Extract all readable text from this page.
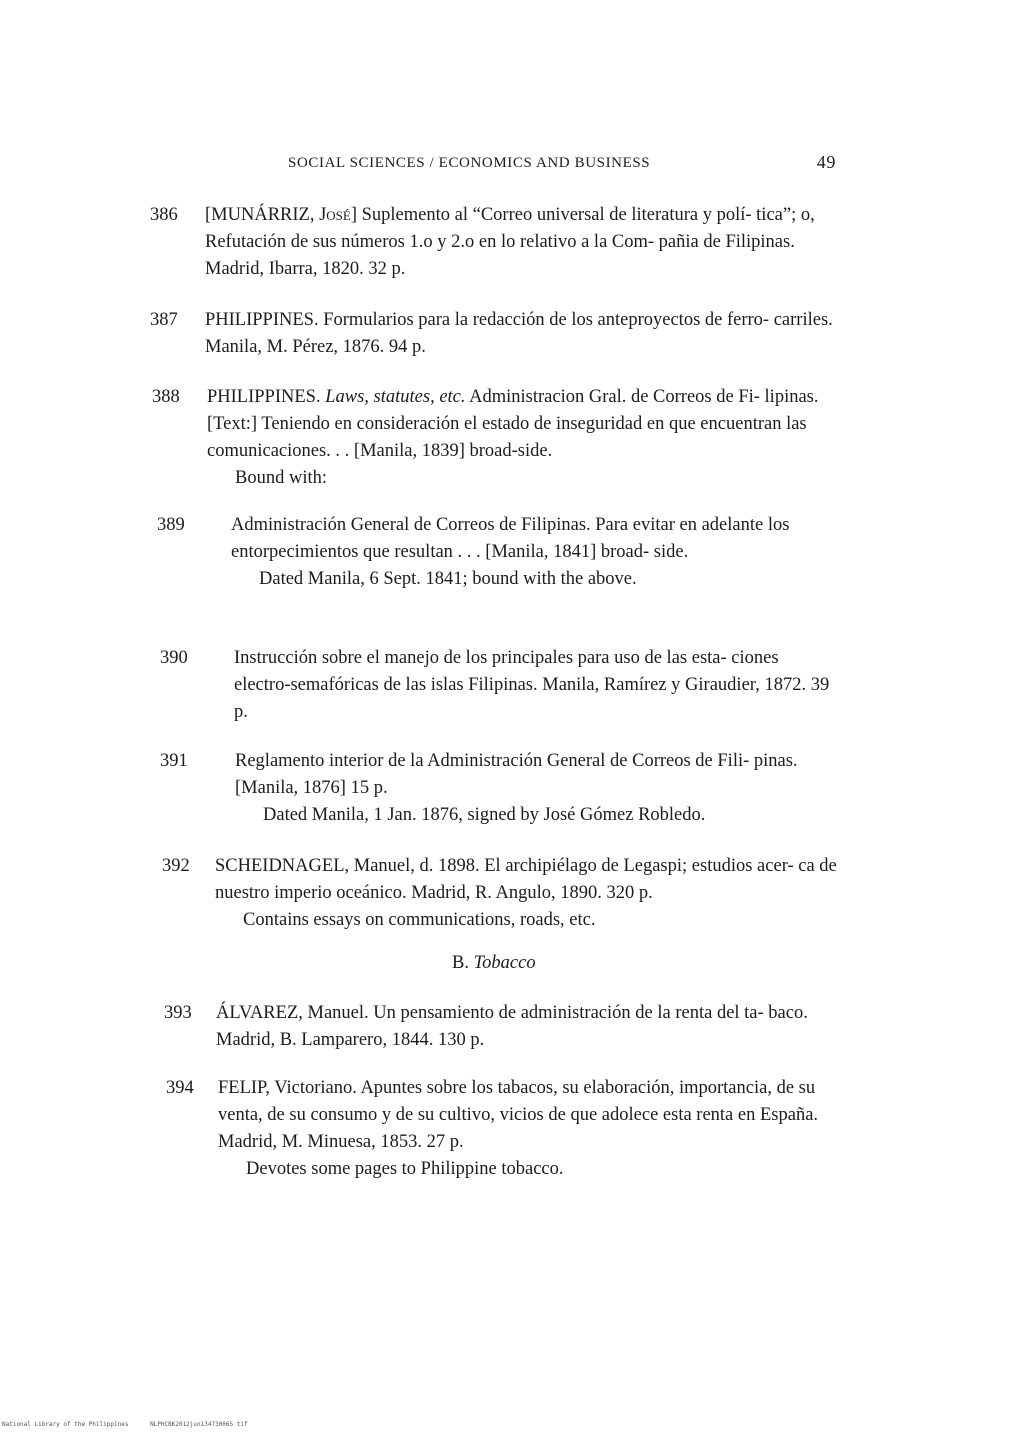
SOCIAL SCIENCES / ECONOMICS AND BUSINESS	49
386 [MUNÁRRIZ, José] Suplemento al “Correo universal de literatura y polí- tica”; o, Refutación de sus números 1.o y 2.o en lo relativo a la Com- pañia de Filipinas. Madrid, Ibarra, 1820. 32 p.
387 PHILIPPINES. Formularios para la redacción de los anteproyectos de ferro- carriles. Manila, M. Pérez, 1876. 94 p.
388 PHILIPPINES. Laws, statutes, etc. Administracion Gral. de Correos de Fi- lipinas. [Text:] Teniendo en consideración el estado de inseguridad en que encuentran las comunicaciones. . . [Manila, 1839] broad-side.
Bound with:
389	Administración General de Correos de Filipinas. Para evitar en adelante los entorpecimientos que resultan . . . [Manila, 1841] broad- side.
Dated Manila, 6 Sept. 1841; bound with the above.
390	Instrucción sobre el manejo de los principales para uso de las esta- ciones electro-semafóricas de las islas Filipinas. Manila, Ramírez y Giraudier, 1872. 39 p.
391	Reglamento interior de la Administración General de Correos de Fili- pinas. [Manila, 1876] 15 p.
Dated Manila, 1 Jan. 1876, signed by José Gómez Robledo.
392 SCHEIDNAGEL, Manuel, d. 1898. El archipiélago de Legaspi; estudios acer- ca de nuestro imperio oceánico. Madrid, R. Angulo, 1890. 320 p.
Contains essays on communications, roads, etc.
B. Tobacco
393 ÁLVAREZ, Manuel. Un pensamiento de administración de la renta del ta- baco. Madrid, B. Lamparero, 1844. 130 p.
394 FELIP, Victoriano. Apuntes sobre los tabacos, su elaboración, importancia, de su venta, de su consumo y de su cultivo, vicios de que adolece esta renta en España. Madrid, M. Minuesa, 1853. 27 p.
Devotes some pages to Philippine tobacco.
National Library of the Philippines	NLPHCBK2012jun13473006S tif
